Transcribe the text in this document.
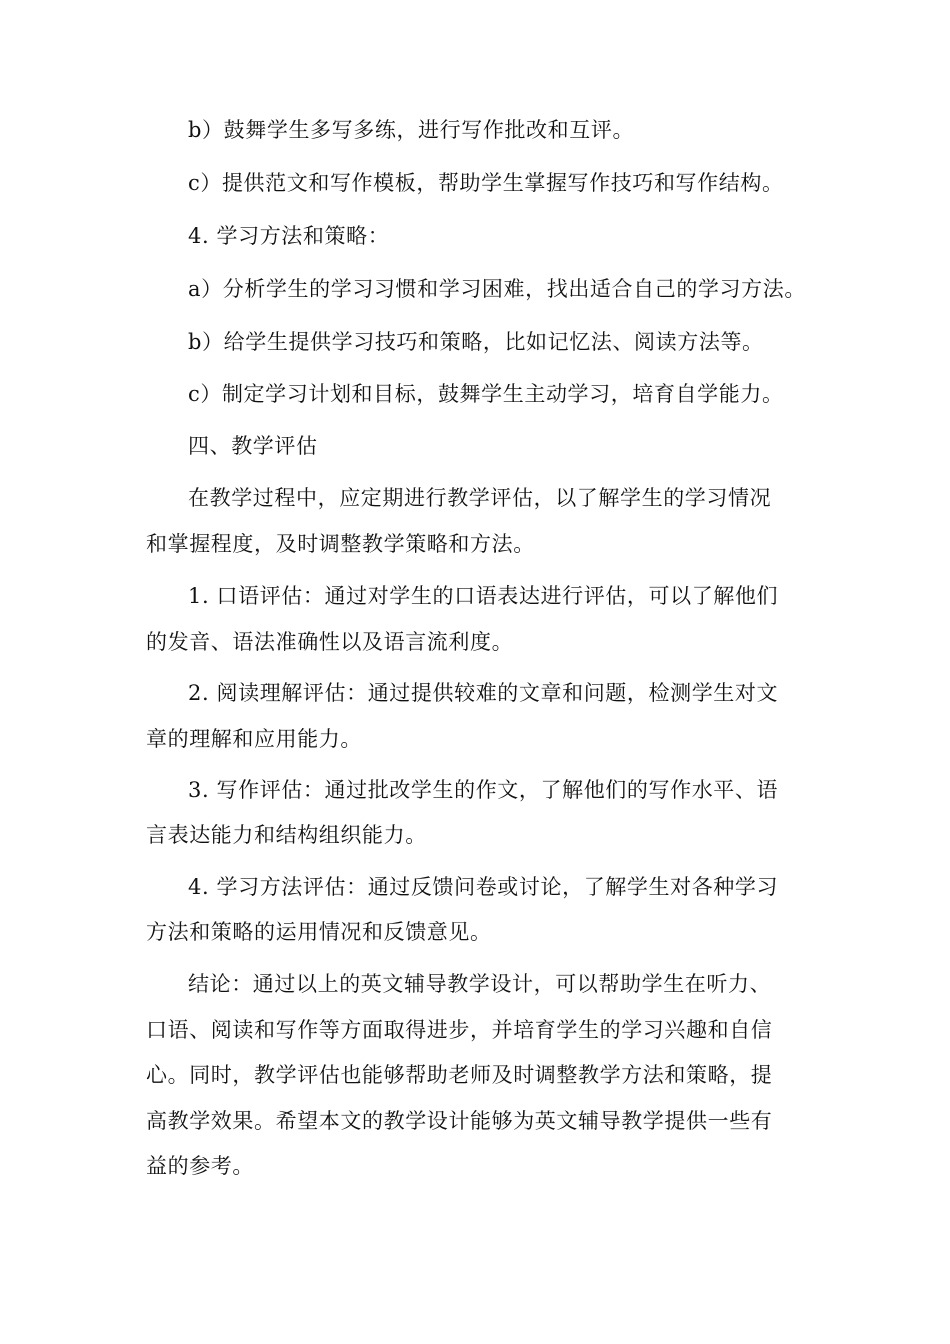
b）鼓舞学生多写多练，进行写作批改和互评。
c）提供范文和写作模板，帮助学生掌握写作技巧和写作结构。
4. 学习方法和策略：
a）分析学生的学习习惯和学习困难，找出适合自己的学习方法。
b）给学生提供学习技巧和策略，比如记忆法、阅读方法等。
c）制定学习计划和目标，鼓舞学生主动学习，培育自学能力。
四、教学评估
在教学过程中，应定期进行教学评估，以了解学生的学习情况
和掌握程度，及时调整教学策略和方法。
1. 口语评估：通过对学生的口语表达进行评估，可以了解他们
的发音、语法准确性以及语言流利度。
2. 阅读理解评估：通过提供较难的文章和问题，检测学生对文
章的理解和应用能力。
3. 写作评估：通过批改学生的作文，了解他们的写作水平、语
言表达能力和结构组织能力。
4. 学习方法评估：通过反馈问卷或讨论，了解学生对各种学习
方法和策略的运用情况和反馈意见。
结论：通过以上的英文辅导教学设计，可以帮助学生在听力、
口语、阅读和写作等方面取得进步，并培育学生的学习兴趣和自信
心。同时，教学评估也能够帮助老师及时调整教学方法和策略，提
高教学效果。希望本文的教学设计能够为英文辅导教学提供一些有
益的参考。
